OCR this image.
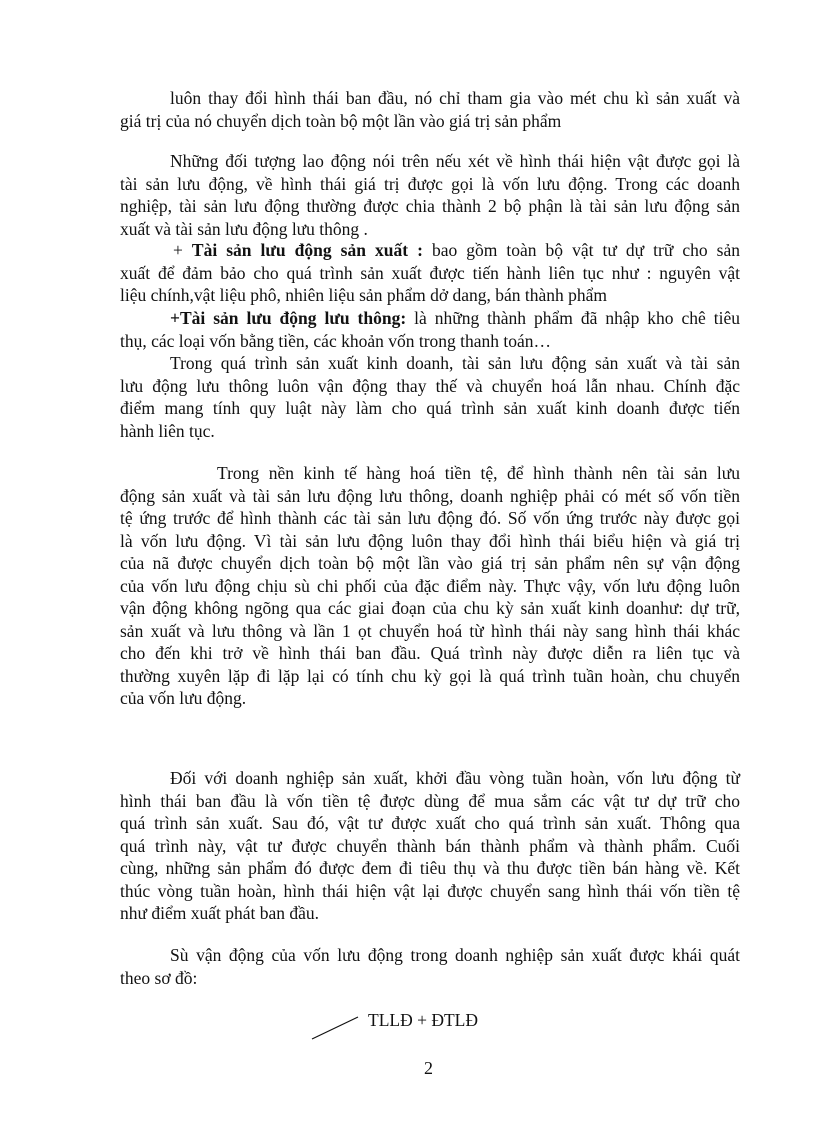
luôn thay đổi hình thái ban đầu, nó chỉ tham gia vào mét chu kì sản xuất và
giá trị của nó chuyển dịch toàn bộ một lần vào giá trị sản phẩm
Những đối tượng lao động nói trên nếu xét về hình thái hiện vật được gọi là
tài sản lưu động, về hình thái giá trị được gọi là vốn lưu động. Trong các doanh
nghiệp, tài sản lưu động thường được chia thành 2 bộ phận là tài sản lưu động sản
xuất và tài sản lưu động lưu thông .
+ Tài sản lưu động sản xuất : bao gồm toàn bộ vật tư dự trữ cho sản
xuất để đảm bảo cho quá trình sản xuất được tiến hành liên tục như : nguyên vật
liệu chính,vật liệu phô, nhiên liệu sản phẩm dở dang, bán thành phẩm
+Tài sản lưu động lưu thông: là những thành phẩm đã nhập kho chê tiêu
thụ, các loại vốn bằng tiền, các khoản vốn trong thanh toán…
Trong quá trình sản xuất kinh doanh, tài sản lưu động sản xuất và tài sản
lưu động lưu thông luôn vận động thay thế và chuyển hoá lẫn nhau. Chính đặc
điểm mang tính quy luật này làm cho quá trình sản xuất kinh doanh được tiến
hành liên tục.
Trong nền kinh tế hàng hoá tiền tệ, để hình thành nên tài sản lưu
động sản xuất và tài sản lưu động lưu thông, doanh nghiệp phải có mét số vốn tiền
tệ ứng trước để hình thành các tài sản lưu động đó. Số vốn ứng trước này được gọi
là vốn lưu động. Vì tài sản lưu động luôn thay đổi hình thái biểu hiện và giá trị
của nã được chuyển dịch toàn bộ một lần vào giá trị sản phẩm nên sự vận động
của vốn lưu động chịu sù chi phối của đặc điểm này. Thực vậy, vốn lưu động luôn
vận động không ngõng qua các giai đoạn của chu kỳ sản xuất kinh doanhư: dự trữ,
sản xuất và lưu thông và lần 1 ọt chuyển hoá từ hình thái này sang hình thái khác
cho đến khi trở về hình thái ban đầu. Quá trình này được diễn ra liên tục và
thường xuyên lặp đi lặp lại có tính chu kỳ gọi là quá trình tuần hoàn, chu chuyển
của vốn lưu động.
Đối với doanh nghiệp sản xuất, khởi đầu vòng tuần hoàn, vốn lưu động từ
hình thái ban đầu là vốn tiền tệ được dùng để mua sắm các vật tư dự trữ cho
quá trình sản xuất. Sau đó, vật tư được xuất cho quá trình sản xuất. Thông qua
quá trình này, vật tư được chuyển thành bán thành phẩm và thành phẩm. Cuối
cùng, những sản phẩm đó được đem đi tiêu thụ và thu được tiền bán hàng về. Kết
thúc vòng tuần hoàn, hình thái hiện vật lại được chuyển sang hình thái vốn tiền tệ
như điểm xuất phát ban đầu.
Sù vận động của vốn lưu động trong doanh nghiệp sản xuất được khái quát
theo sơ đồ:
TLLĐ + ĐTLĐ
2
